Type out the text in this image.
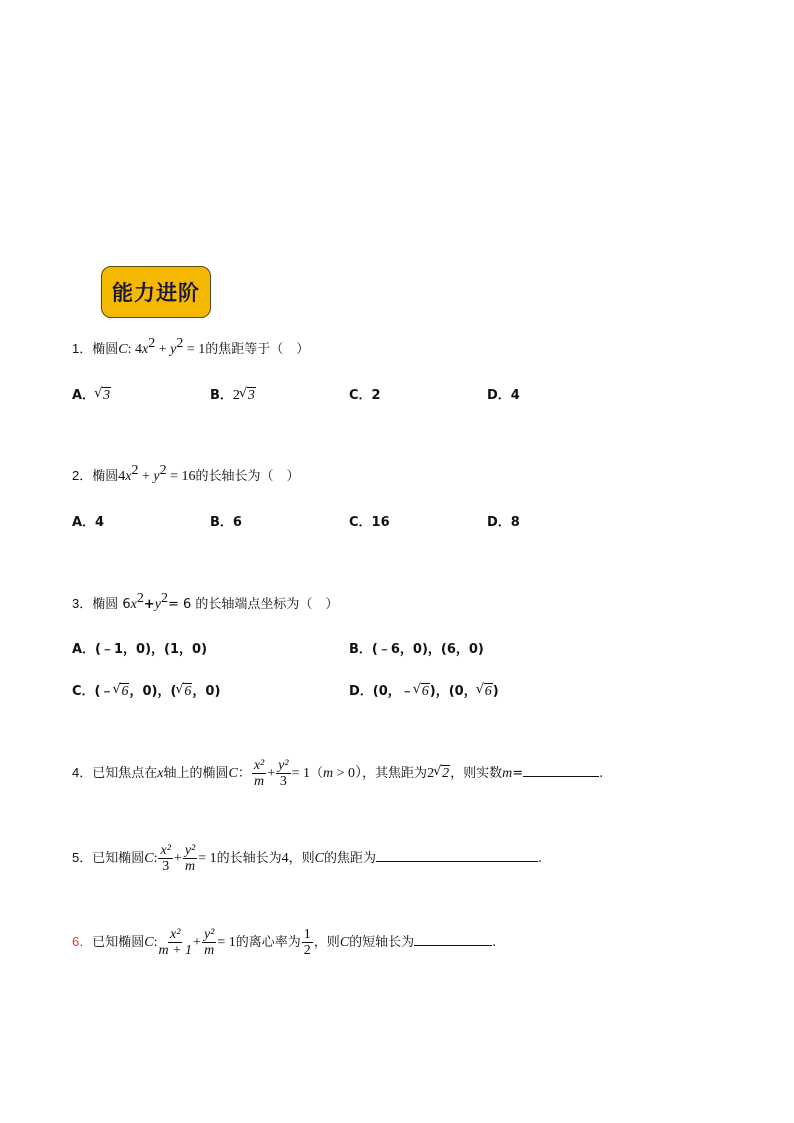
能力进阶
1．椭圆C: $4x^2 + y^2 = 1$的焦距等于（　）
A． √ 3	B．2 √ 3	C．2	D．4
2．椭圆$4x^2 + y^2 = 16$的长轴长为（　）
A．4	B．6	C．16	D．8
3．椭圆 $6x^2+y^2= 6$ 的长轴端点坐标为（　）
A．(﹣1，0)，(1，0)	B．(﹣6，0)，(6，0)
C．(﹣ √ 6，0)，( √ 6，0)	D．(0，﹣ √ 6)，(0， √ 6)
4．已知焦点在x轴上的椭圆C： $\frac{\text{x²}}{m} + \frac{\text{y²}}{3} = 1(m > 0)$，其焦距为2 √ 2，则实数m=	.
5．已知椭圆C: $\frac{\text{x²}}{3} + \frac{\text{y²}}{m} = 1$的长轴长为4，则C的焦距为	.
6．已知椭圆C: $\frac{\text{x²}}{m + 1} + \frac{\text{y²}}{m} = 1$的离心率为 $\frac{1}{2}$ ，则C的短轴长为	.
